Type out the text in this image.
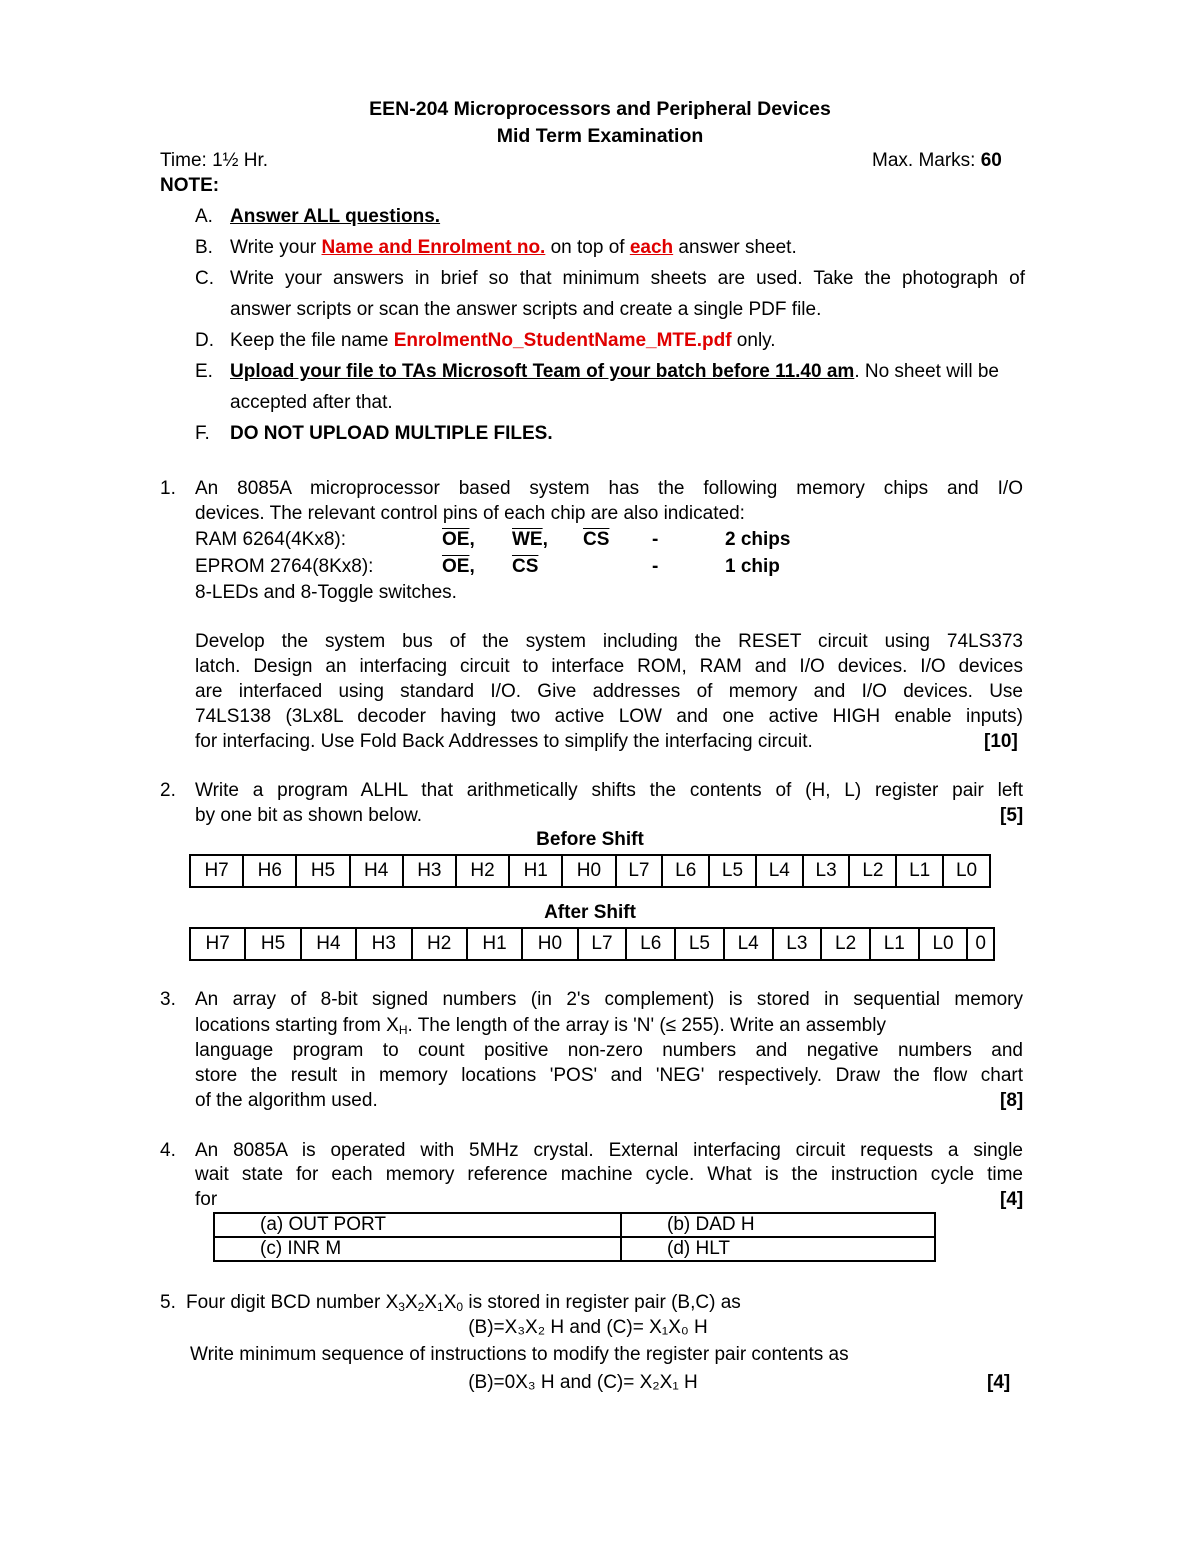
EEN-204 Microprocessors and Peripheral Devices
Mid Term Examination
Time: 1½ Hr.	Max. Marks: 60
NOTE:
A. Answer ALL questions.
B. Write your Name and Enrolment no. on top of each answer sheet.
C. Write your answers in brief so that minimum sheets are used. Take the photograph of
answer scripts or scan the answer scripts and create a single PDF file.
D. Keep the file name EnrolmentNo_StudentName_MTE.pdf only.
E. Upload your file to TAs Microsoft Team of your batch before 11.40 am. No sheet will be
accepted after that.
F.	DO NOT UPLOAD MULTIPLE FILES.
1. An 8085A microprocessor based system has the following memory chips and I/O
devices. The relevant control pins of each chip are also indicated:
RAM 6264(4Kx8):	$\overline{OE}$, $\overline{WE}$, $\overline{CS}$ -	2 chips
EPROM 2764(8Kx8):	$\overline{OE}$, $\overline{CS}$	-	1 chip
8-LEDs and 8-Toggle switches.
Develop the system bus of the system including the RESET circuit using 74LS373
latch. Design an interfacing circuit to interface ROM, RAM and I/O devices. I/O devices
are interfaced using standard I/O. Give addresses of memory and I/O devices. Use
74LS138 (3Lx8L decoder having two active LOW and one active HIGH enable inputs)
for interfacing. Use Fold Back Addresses to simplify the interfacing circuit.	[10]
2. Write a program ALHL that arithmetically shifts the contents of (H, L) register pair left
by one bit as shown below.	[5]
Before Shift
H7	H6	H5	H4	H3	H2	H1	H0	L7	L6	L5	L4	L3	L2	L1	L0
After Shift
H7	H5	H4	H3	H2	H1	H0	L7	L6	L5	L4	L3	L2	L1	L0	0
3. An array of 8-bit signed numbers (in 2's complement) is stored in sequential memory
locations starting from $X_H$. The length of the array is 'N' (≤ 255). Write an assembly
language program to count positive non-zero numbers and negative numbers and
store the result in memory locations 'POS' and 'NEG' respectively. Draw the flow chart
of the algorithm used.	[8]
4. An 8085A is operated with 5MHz crystal. External interfacing circuit requests a single
wait state for each memory reference machine cycle. What is the instruction cycle time
for	[4]
(a) OUT PORT	(b) DAD H
(c) INR M	(d) HLT
5. Four digit BCD number $X_3X_2X_1X_0$ is stored in register pair (B,C) as
(B)=X₃X₂ H and (C)= X₁X₀ H
Write minimum sequence of instructions to modify the register pair contents as
(B)=0X₃ H and (C)= X₂X₁ H	[4]
